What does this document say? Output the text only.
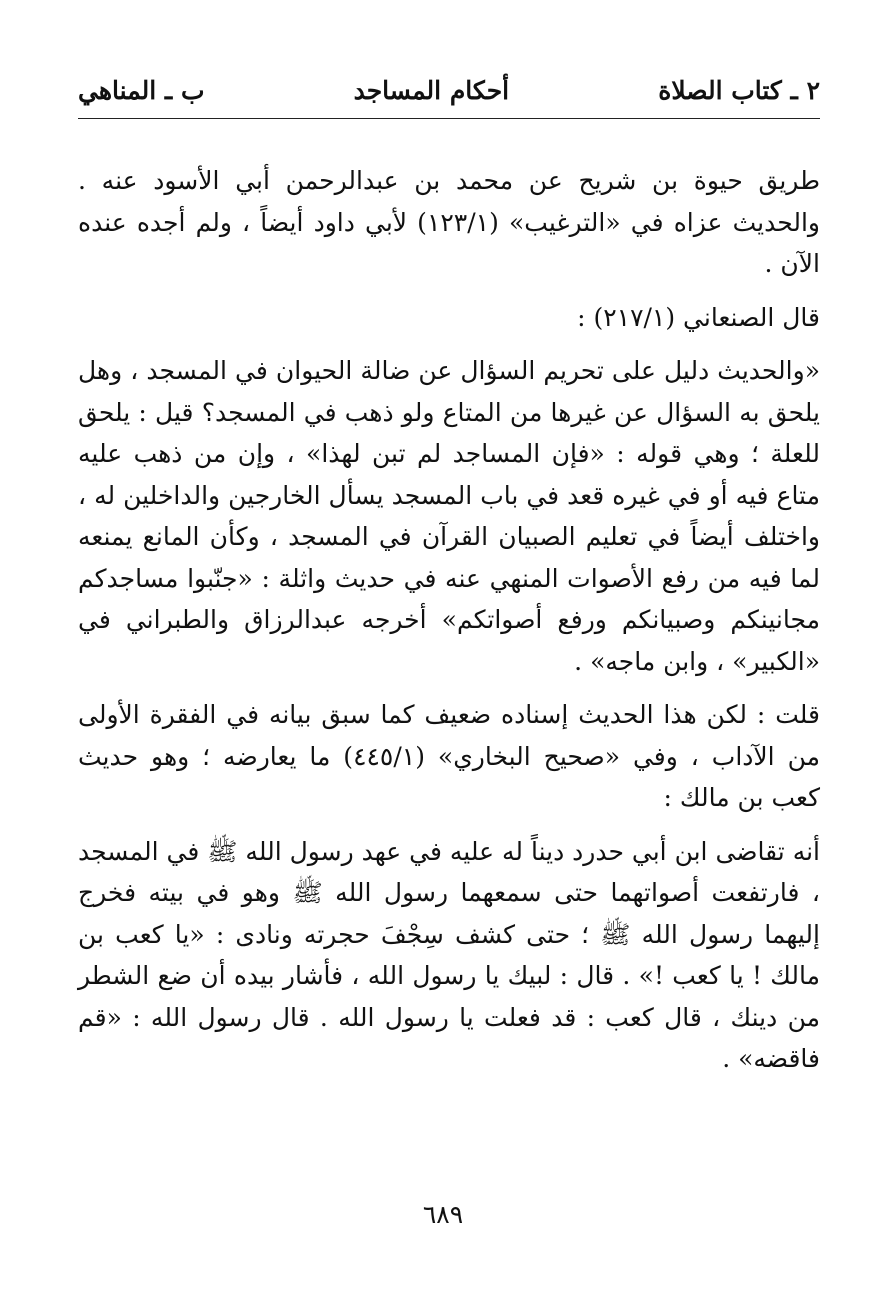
٢ ـ كتاب الصلاة
أحكام المساجد
ب ـ المناهي

طريق حيوة بن شريح عن محمد بن عبدالرحمن أبي الأسود عنه . والحديث عزاه في «الترغيب» (١٢٣/١) لأبي داود أيضاً ، ولم أجده عنده الآن .

قال الصنعاني (٢١٧/١) :

«والحديث دليل على تحريم السؤال عن ضالة الحيوان في المسجد ، وهل يلحق به السؤال عن غيرها من المتاع ولو ذهب في المسجد؟ قيل : يلحق للعلة ؛ وهي قوله : «فإن المساجد لم تبن لهذا» ، وإن من ذهب عليه متاع فيه أو في غيره قعد في باب المسجد يسأل الخارجين والداخلين له ، واختلف أيضاً في تعليم الصبيان القرآن في المسجد ، وكأن المانع يمنعه لما فيه من رفع الأصوات المنهي عنه في حديث واثلة : «جنّبوا مساجدكم مجانينكم وصبيانكم ورفع أصواتكم» أخرجه عبدالرزاق والطبراني في «الكبير» ، وابن ماجه» .

قلت : لكن هذا الحديث إسناده ضعيف كما سبق بيانه في الفقرة الأولى من الآداب ، وفي «صحيح البخاري» (٤٤٥/١) ما يعارضه ؛ وهو حديث كعب بن مالك :

أنه تقاضى ابن أبي حدرد ديناً له عليه في عهد رسول الله ﷺ في المسجد ، فارتفعت أصواتهما حتى سمعهما رسول الله ﷺ وهو في بيته فخرج إليهما رسول الله ﷺ ؛ حتى كشف سِجْفَ حجرته ونادى : «يا كعب بن مالك ! يا كعب !» . قال : لبيك يا رسول الله ، فأشار بيده أن ضع الشطر من دينك ، قال كعب : قد فعلت يا رسول الله . قال رسول الله : «قم فاقضه» .

٦٨٩
